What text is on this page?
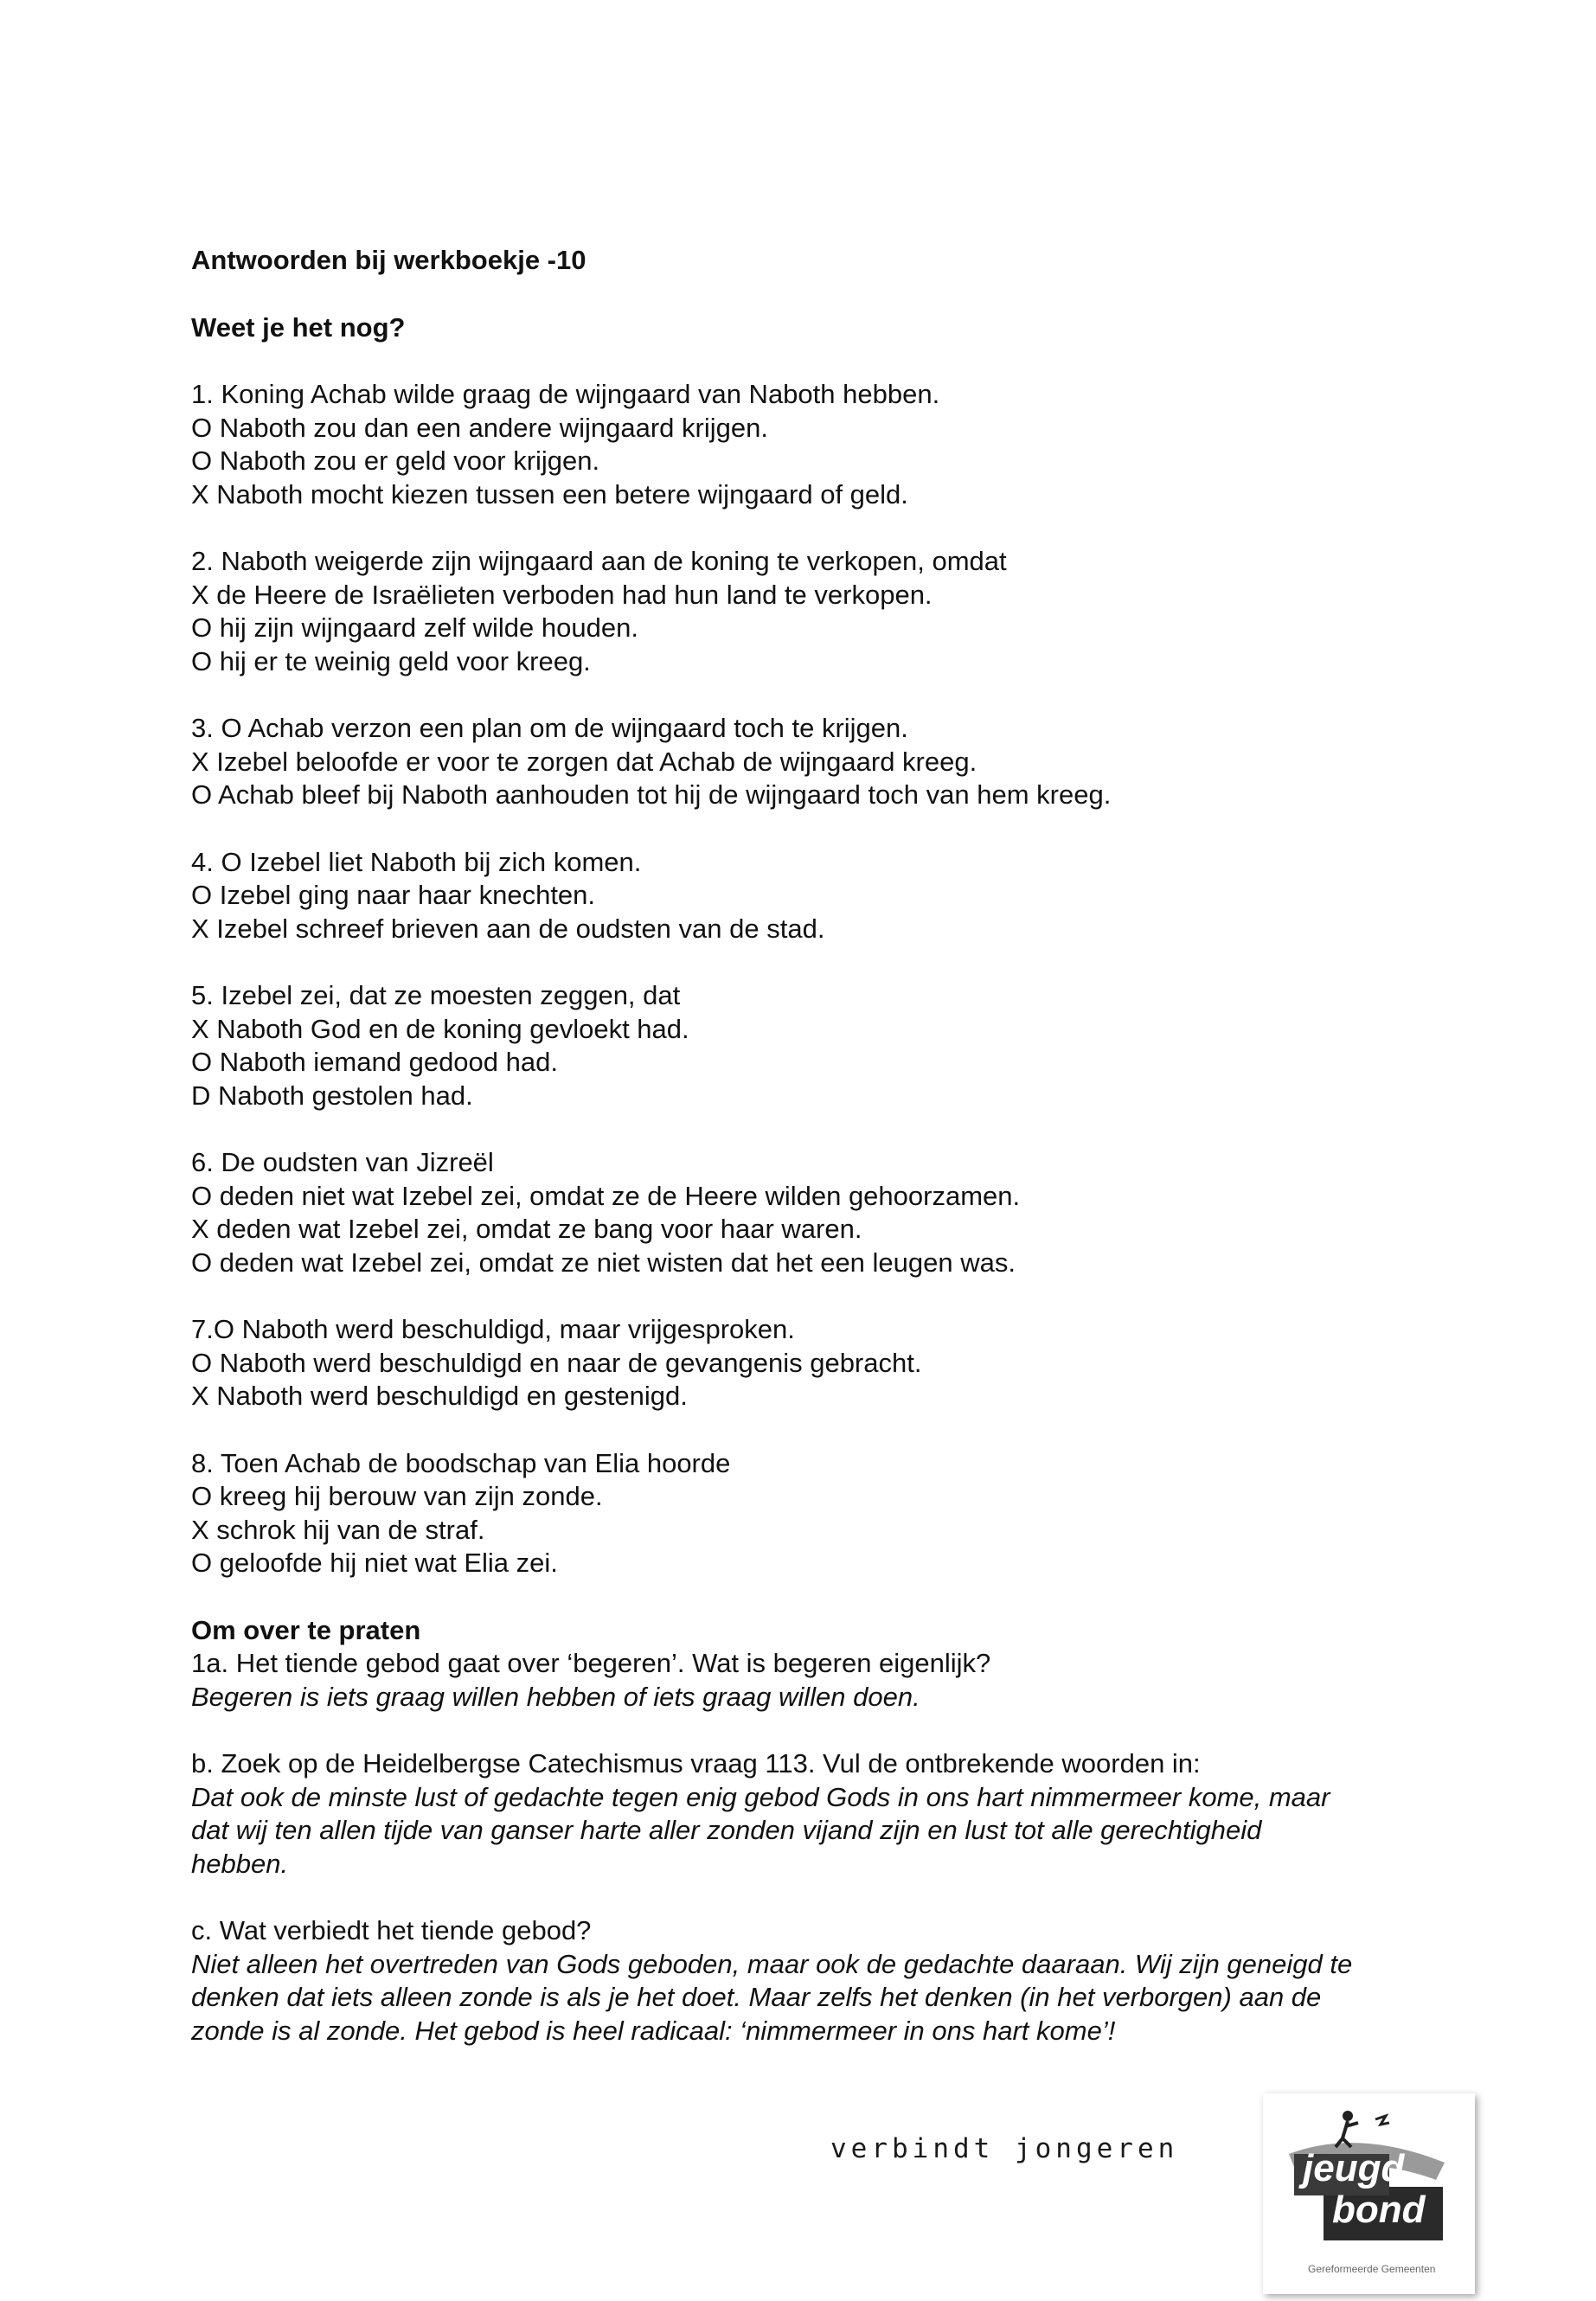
Antwoorden bij werkboekje -10

Weet je het nog?

1. Koning Achab wilde graag de wijngaard van Naboth hebben.

O Naboth zou dan een andere wijngaard krijgen.

O Naboth zou er geld voor krijgen.

X Naboth mocht kiezen tussen een betere wijngaard of geld.

2. Naboth weigerde zijn wijngaard aan de koning te verkopen, omdat

X de Heere de Israëlieten verboden had hun land te verkopen.

O hij zijn wijngaard zelf wilde houden.

O hij er te weinig geld voor kreeg.

3. O Achab verzon een plan om de wijngaard toch te krijgen.

X Izebel beloofde er voor te zorgen dat Achab de wijngaard kreeg.

O Achab bleef bij Naboth aanhouden tot hij de wijngaard toch van hem kreeg.

4. O Izebel liet Naboth bij zich komen.

O Izebel ging naar haar knechten.

X Izebel schreef brieven aan de oudsten van de stad.

5. Izebel zei, dat ze moesten zeggen, dat

X Naboth God en de koning gevloekt had.

O Naboth iemand gedood had.

D Naboth gestolen had.

6. De oudsten van Jizreël

O deden niet wat Izebel zei, omdat ze de Heere wilden gehoorzamen.

X deden wat Izebel zei, omdat ze bang voor haar waren.

O deden wat Izebel zei, omdat ze niet wisten dat het een leugen was.

7.O Naboth werd beschuldigd, maar vrijgesproken.

O Naboth werd beschuldigd en naar de gevangenis gebracht.

X Naboth werd beschuldigd en gestenigd.

8. Toen Achab de boodschap van Elia hoorde

O kreeg hij berouw van zijn zonde.

X schrok hij van de straf.

O geloofde hij niet wat Elia zei.

Om over te praten

1a. Het tiende gebod gaat over ‘begeren’. Wat is begeren eigenlijk?

Begeren is iets graag willen hebben of iets graag willen doen.

b. Zoek op de Heidelbergse Catechismus vraag 113. Vul de ontbrekende woorden in:

Dat ook de minste lust of gedachte tegen enig gebod Gods in ons hart nimmermeer kome, maar

dat wij ten allen tijde van ganser harte aller zonden vijand zijn en lust tot alle gerechtigheid

hebben.

c. Wat verbiedt het tiende gebod?

Niet alleen het overtreden van Gods geboden, maar ook de gedachte daaraan. Wij zijn geneigd te

denken dat iets alleen zonde is als je het doet. Maar zelfs het denken (in het verborgen) aan de

zonde is al zonde. Het gebod is heel radicaal: ‘nimmermeer in ons hart kome’!

verbindt jongeren	jeugd
bond
Gereformeerde Gemeenten
